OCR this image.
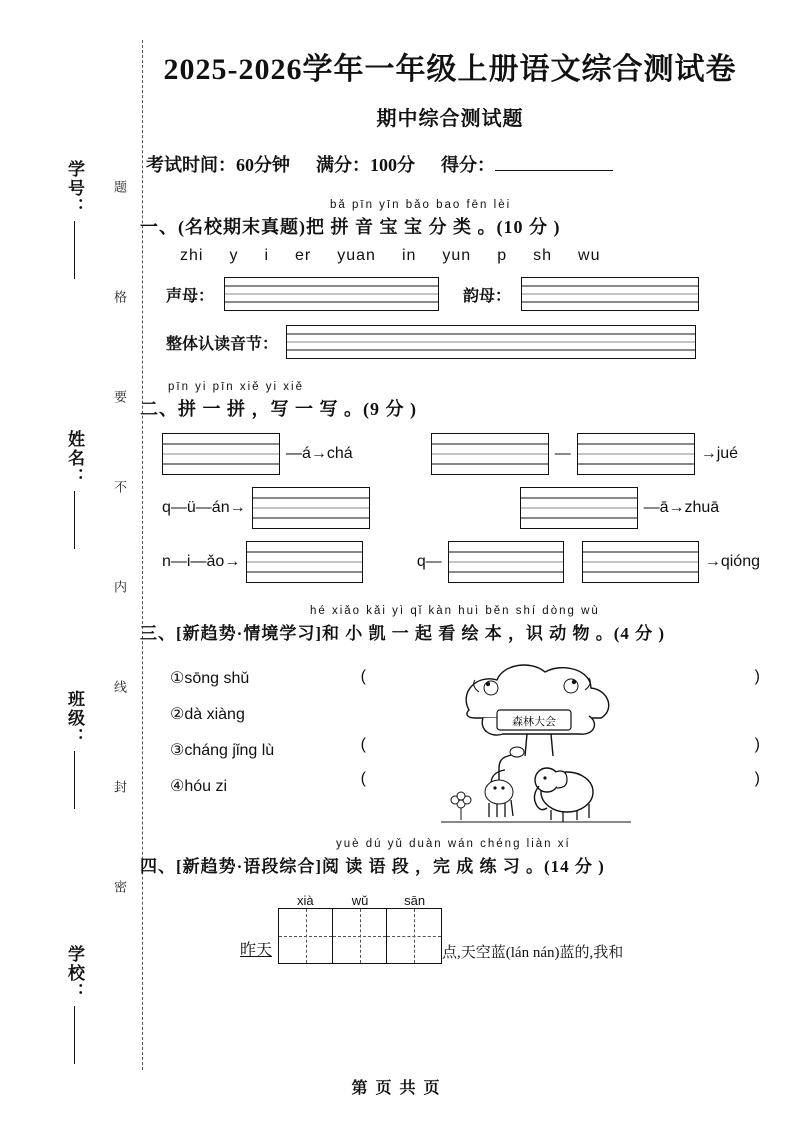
学号：
姓名：
班级：
学校：
题
格
要
不
内
线
封
密
2025-2026学年一年级上册语文综合测试卷
期中综合测试题
考试时间：60分钟 满分：100分 得分：
bǎ pīn yīn bǎo bao fēn lèi
一、(名校期末真题)把 拼 音 宝 宝 分 类 。(10 分 )
zhi y i er yuan in yun p sh wu
声母：	韵母：
整体认读音节：
pīn yi pīn xiě yi xiě
二、拼 一 拼 ，写 一 写 。(9 分 )
—á→chá	—	→jué
q—ü—án→	—ā→zhuā
n—i—ǎo→	q—	→qióng
hé xiǎo kǎi yì qǐ kàn huì běn shí dòng wù
三、[新趋势·情境学习]和 小 凯 一 起 看 绘 本 ，识 动 物 。(4 分 )
①sōng shǔ
②dà xiàng
③cháng jǐng lù
④hóu zi
(
(
(
森林大会
)
)
)
yuè dú yǔ duàn wán chéng liàn xí
四、[新趋势·语段综合]阅 读 语 段 ，完 成 练 习 。(14 分 )
昨天
xià	wǔ	sān
点,天空蓝(lán nán)蓝的,我和
第 页 共 页
